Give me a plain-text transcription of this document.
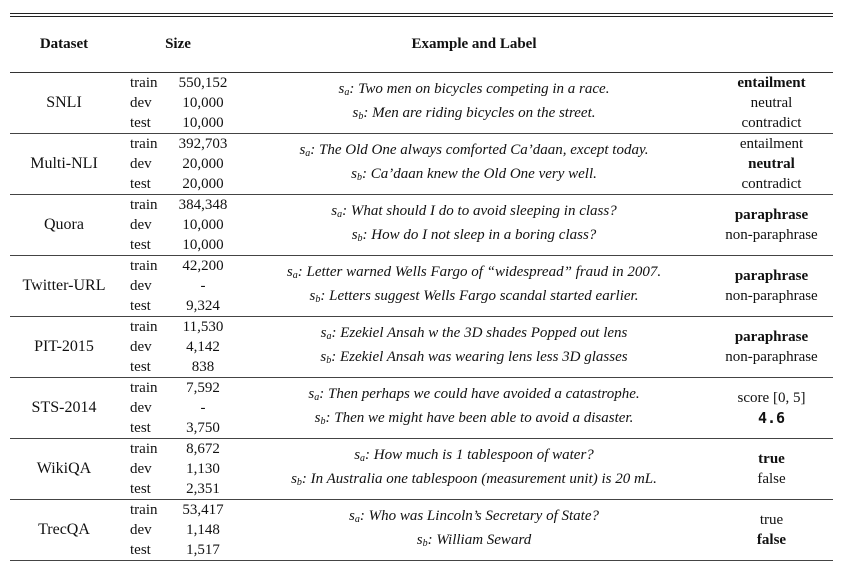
Dataset	Size	Example and Label
SNLI
train
dev
test
550,152
10,000
10,000
$s_a$: Two men on bicycles competing in a race.
$s_b$: Men are riding bicycles on the street.
entailment
neutral
contradict
Multi-NLI
train
dev
test
392,703
20,000
20,000
$s_a$: The Old One always comforted Ca’daan, except today.
$s_b$: Ca’daan knew the Old One very well.
entailment
neutral
contradict
Quora
train
dev
test
384,348
10,000
10,000
$s_a$: What should I do to avoid sleeping in class?
$s_b$: How do I not sleep in a boring class?
paraphrase
non-paraphrase
Twitter-URL
train
dev
test
42,200
-
9,324
$s_a$: Letter warned Wells Fargo of “widespread” fraud in 2007.
$s_b$: Letters suggest Wells Fargo scandal started earlier.
paraphrase
non-paraphrase
PIT-2015
train
dev
test
11,530
4,142
838
$s_a$: Ezekiel Ansah w the 3D shades Popped out lens
$s_b$: Ezekiel Ansah was wearing lens less 3D glasses
paraphrase
non-paraphrase
STS-2014
train
dev
test
7,592
-
3,750
$s_a$: Then perhaps we could have avoided a catastrophe.
$s_b$: Then we might have been able to avoid a disaster.
score [0, 5]
4.6
WikiQA
train
dev
test
8,672
1,130
2,351
$s_a$: How much is 1 tablespoon of water?
$s_b$: In Australia one tablespoon (measurement unit) is 20 mL.
true
false
TrecQA
train
dev
test
53,417
1,148
1,517
$s_a$: Who was Lincoln’s Secretary of State?
$s_b$: William Seward
true
false
